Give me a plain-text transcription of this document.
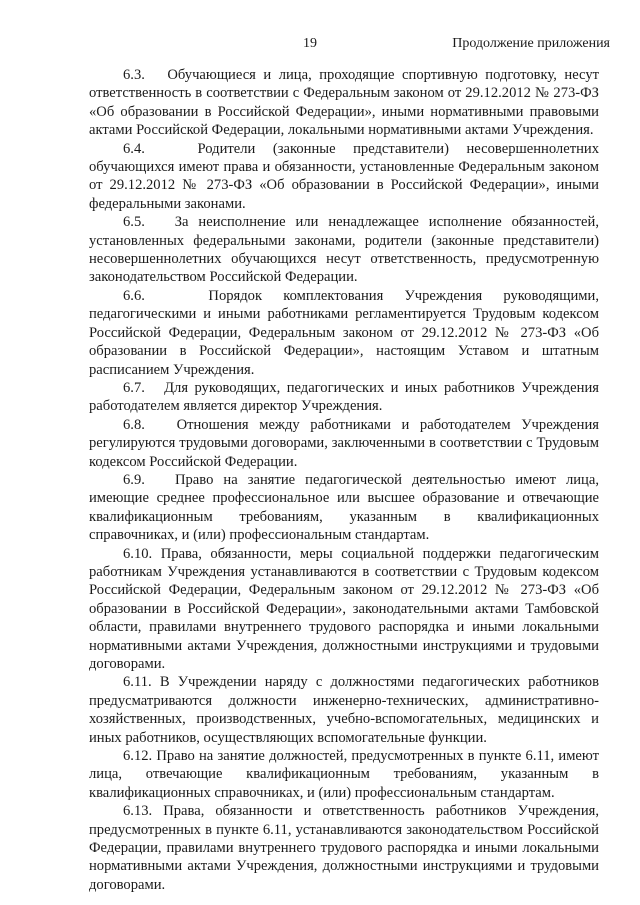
19	Продолжение приложения

6.3. Обучающиеся и лица, проходящие спортивную подготовку, несут ответственность в соответствии с Федеральным законом от 29.12.2012 № 273-ФЗ «Об образовании в Российской Федерации», иными нормативными правовыми актами Российской Федерации, локальными нормативными актами Учреждения.

6.4.	Родители (законные представители) несовершеннолетних обучающихся имеют права и обязанности, установленные Федеральным законом от 29.12.2012 № 273-ФЗ «Об образовании в Российской Федерации», иными федеральными законами.

6.5. За неисполнение или ненадлежащее исполнение обязанностей, установленных федеральными законами, родители (законные представители) несовершеннолетних обучающихся несут ответственность, предусмотренную законодательством Российской Федерации.

6.6.	Порядок комплектования Учреждения руководящими, педагогическими и иными работниками регламентируется Трудовым кодексом Российской Федерации, Федеральным законом от 29.12.2012 № 273-ФЗ «Об образовании в Российской Федерации», настоящим Уставом и штатным расписанием Учреждения.

6.7. Для руководящих, педагогических и иных работников Учреждения работодателем является директор Учреждения.

6.8. Отношения между работниками и работодателем Учреждения регулируются трудовыми договорами, заключенными в соответствии с Трудовым кодексом Российской Федерации.

6.9. Право на занятие педагогической деятельностью имеют лица, имеющие среднее профессиональное или высшее образование и отвечающие квалификационным требованиям, указанным в квалификационных справочниках, и (или) профессиональным стандартам.

6.10. Права, обязанности, меры социальной поддержки педагогическим работникам Учреждения устанавливаются в соответствии с Трудовым кодексом Российской Федерации, Федеральным законом от 29.12.2012 № 273-ФЗ «Об образовании в Российской Федерации», законодательными актами Тамбовской области, правилами внутреннего трудового распорядка и иными локальными нормативными актами Учреждения, должностными инструкциями и трудовыми договорами.

6.11. В Учреждении наряду с должностями педагогических работников предусматриваются должности инженерно-технических, административно-хозяйственных, производственных, учебно-вспомогательных, медицинских и иных работников, осуществляющих вспомогательные функции.

6.12. Право на занятие должностей, предусмотренных в пункте 6.11, имеют лица, отвечающие квалификационным требованиям, указанным в квалификационных справочниках, и (или) профессиональным стандартам.

6.13. Права, обязанности и ответственность работников Учреждения, предусмотренных в пункте 6.11, устанавливаются законодательством Российской Федерации, правилами внутреннего трудового распорядка и иными локальными нормативными актами Учреждения, должностными инструкциями и трудовыми договорами.
